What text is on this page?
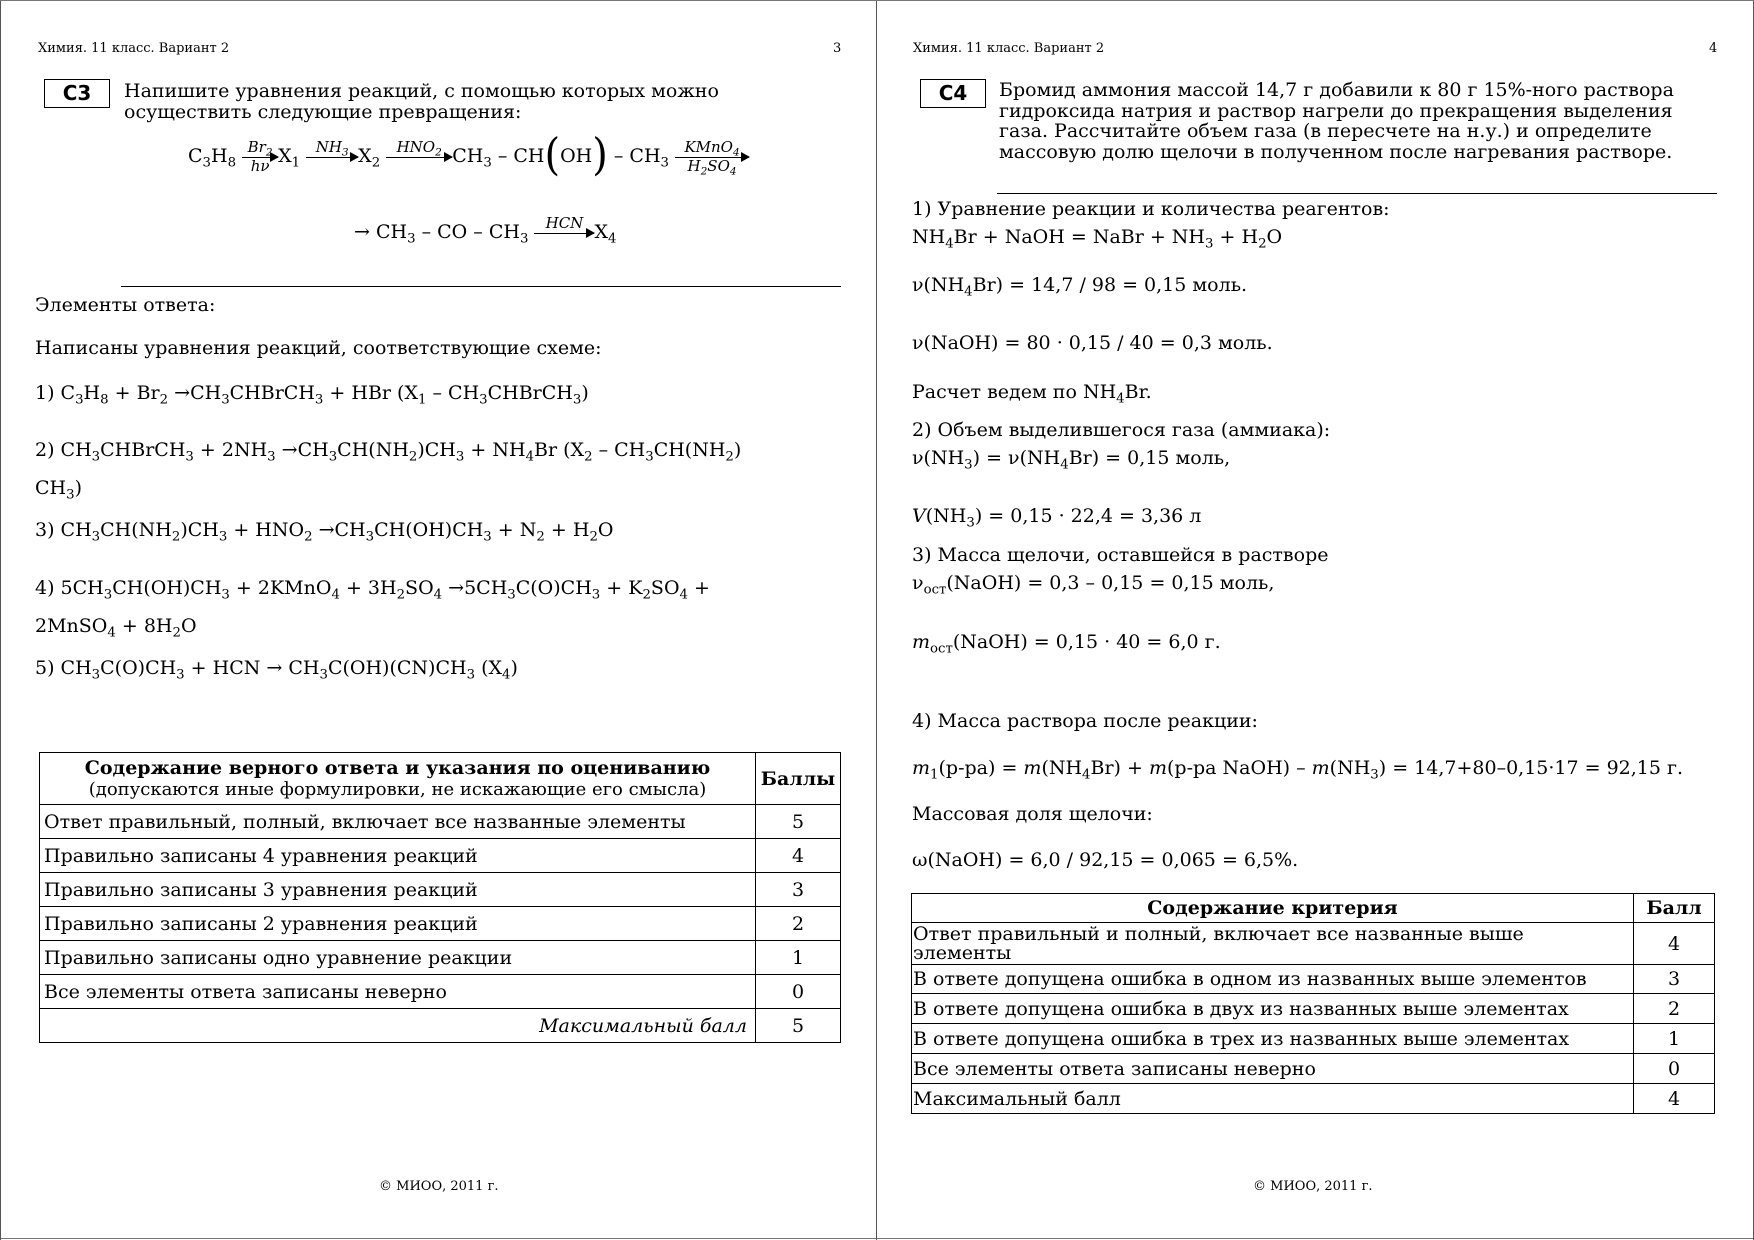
Химия. 11 класс. Вариант 2	3
С3	Напишите уравнения реакций, с помощью которых можно
осуществить следующие превращения:
$C_3H_8 \frac{Br_2}{h\nu} X_1$
$NH_3$ $X_2$
$HNO_2$ $CH_3 - CH(OH) - CH_3$
KMnO$_4$
$H_2SO_4$
→ $CH_3$ – CO – $CH_3$
HCN $X_4$
Элементы ответа:
Написаны уравнения реакций, соответствующие схеме:
1) $C_3H_8 + Br_2$ $\to CH_3CHBrCH_3$ + HBr ($X_1$ – $CH_3CHBrCH_3$)
2) $CH_3CHBrCH_3 + 2NH_3 \to CH_3CH(NH_2)CH_3 + NH_4Br$ ($X_2 - CH_3CH(NH_2)$
$CH_3$)
3) $CH_3CH(NH_2)CH_3 + HNO_2 \to CH_3CH(OH)CH_3 + N_2 + H_2O$
4) $5CH_3CH(OH)CH_3$ + 2KMnO$_4$ + $3H_2SO_4 \to 5CH_3C(O)CH_3 + K_2SO_4$ +
2MnSO$_4$ + $8H_2O$
5) $CH_3C(O)CH_3$ + HCN → $CH_3C(OH)(CN)CH_3$ $(X_4)$
Содержание верного ответа и указания по оцениванию
(допускаются иные формулировки, не искажающие его смысла)	Баллы
Ответ правильный, полный, включает все названные элементы	5
Правильно записаны 4 уравнения реакций	4
Правильно записаны 3 уравнения реакций	3
Правильно записаны 2 уравнения реакций	2
Правильно записаны одно уравнение реакции	1
Все элементы ответа записаны неверно	0
Максимальный балл	5
© МИОО, 2011 г.
Химия. 11 класс. Вариант 2	4
С4	Бромид аммония массой 14,7 г добавили к 80 г 15%-ного раствора
гидроксида натрия и раствор нагрели до прекращения выделения
газа. Рассчитайте объем газа (в пересчете на н.у.) и определите
массовую долю щелочи в полученном после нагревания растворе.
1) Уравнение реакции и количества реагентов:
$NH_4Br$ + NaOH = NaBr + $NH_3 + H_2O$
$\nu(NH_4Br) = 14,7 / 98 = 0,15$ моль.
ν(NaOH) = 80 · 0,15 / 40 = 0,3 моль.
Расчет ведем по $NH_4Br$.
2) Объем выделившегося газа (аммиака):
$\nu(NH_3) = \nu(NH_4Br) = 0,15$ моль,
$V(NH_3) = 0,15 \cdot 22,4 = 3,36$ л
3) Масса щелочи, оставшейся в растворе
$\nu_{ост}(NaOH) = 0,3 - 0,15 = 0,15$ моль,
$m_{ост}(NaOH) = 0,15 \cdot 40 = 6,0$ г.
4) Масса раствора после реакции:
$m_1(р-ра) = m(NH_4Br) + m(р-ра$ NaOH) – $m(NH_3) = 14,7+80-0,15\cdot 17 = 92,15$ г.
Массовая доля щелочи:
ω(NaOH) = 6,0 / 92,15 = 0,065 = 6,5%.
Содержание критерия	Балл

Ответ правильный и полный, включает все названные выше
элементы	4
В ответе допущена ошибка в одном из названных выше элементов	3
В ответе допущена ошибка в двух из названных выше элементах	2
В ответе допущена ошибка в трех из названных выше элементах	1
Все элементы ответа записаны неверно	0
Максимальный балл	4
© МИОО, 2011 г.
